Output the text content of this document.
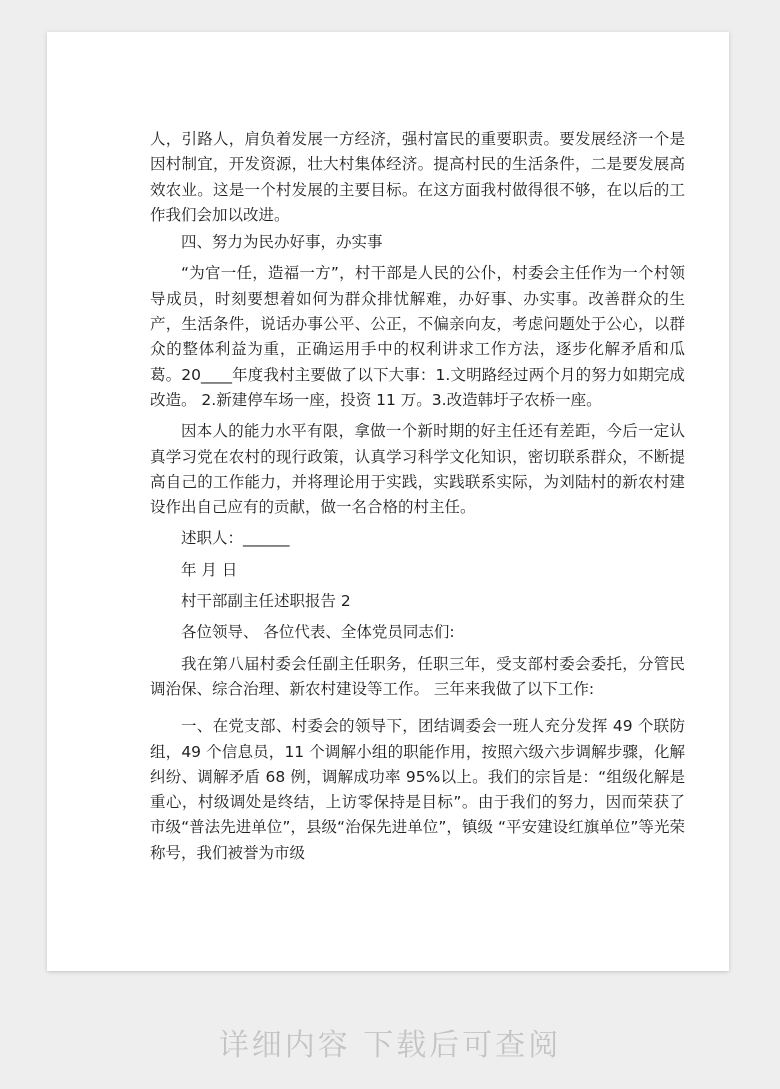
人，引路人，肩负着发展一方经济，强村富民的重要职责。要发展经济一个是因村制宜，开发资源，壮大村集体经济。提高村民的生活条件，二是要发展高效农业。这是一个村发展的主要目标。在这方面我村做得很不够，在以后的工作我们会加以改进。

四、努力为民办好事，办实事

“为官一任，造福一方”，村干部是人民的公仆，村委会主任作为一个村领导成员，时刻要想着如何为群众排忧解难，办好事、办实事。改善群众的生产，生活条件，说话办事公平、公正，不偏亲向友，考虑问题处于公心，以群众的整体利益为重，正确运用手中的权利讲求工作方法，逐步化解矛盾和瓜葛。20____年度我村主要做了以下大事：1.文明路经过两个月的努力如期完成改造。 2.新建停车场一座，投资 11 万。3.改造韩圩子农桥一座。

因本人的能力水平有限，拿做一个新时期的好主任还有差距，今后一定认真学习党在农村的现行政策，认真学习科学文化知识，密切联系群众，不断提高自己的工作能力，并将理论用于实践，实践联系实际，为刘陆村的新农村建设作出自己应有的贡献，做一名合格的村主任。

述职人：______

年 月 日

村干部副主任述职报告 2

各位领导、 各位代表、全体党员同志们:

我在第八届村委会任副主任职务，任职三年，受支部村委会委托，分管民调治保、综合治理、新农村建设等工作。 三年来我做了以下工作:

一、在党支部、村委会的领导下，团结调委会一班人充分发挥 49 个联防组，49 个信息员，11 个调解小组的职能作用，按照六级六步调解步骤，化解纠纷、调解矛盾 68 例，调解成功率 95%以上。我们的宗旨是：“组级化解是重心，村级调处是终结，上访零保持是目标”。由于我们的努力，因而荣获了市级“普法先进单位”，县级“治保先进单位”，镇级 “平安建设红旗单位”等光荣称号，我们被誉为市级

详细内容 下载后可查阅
